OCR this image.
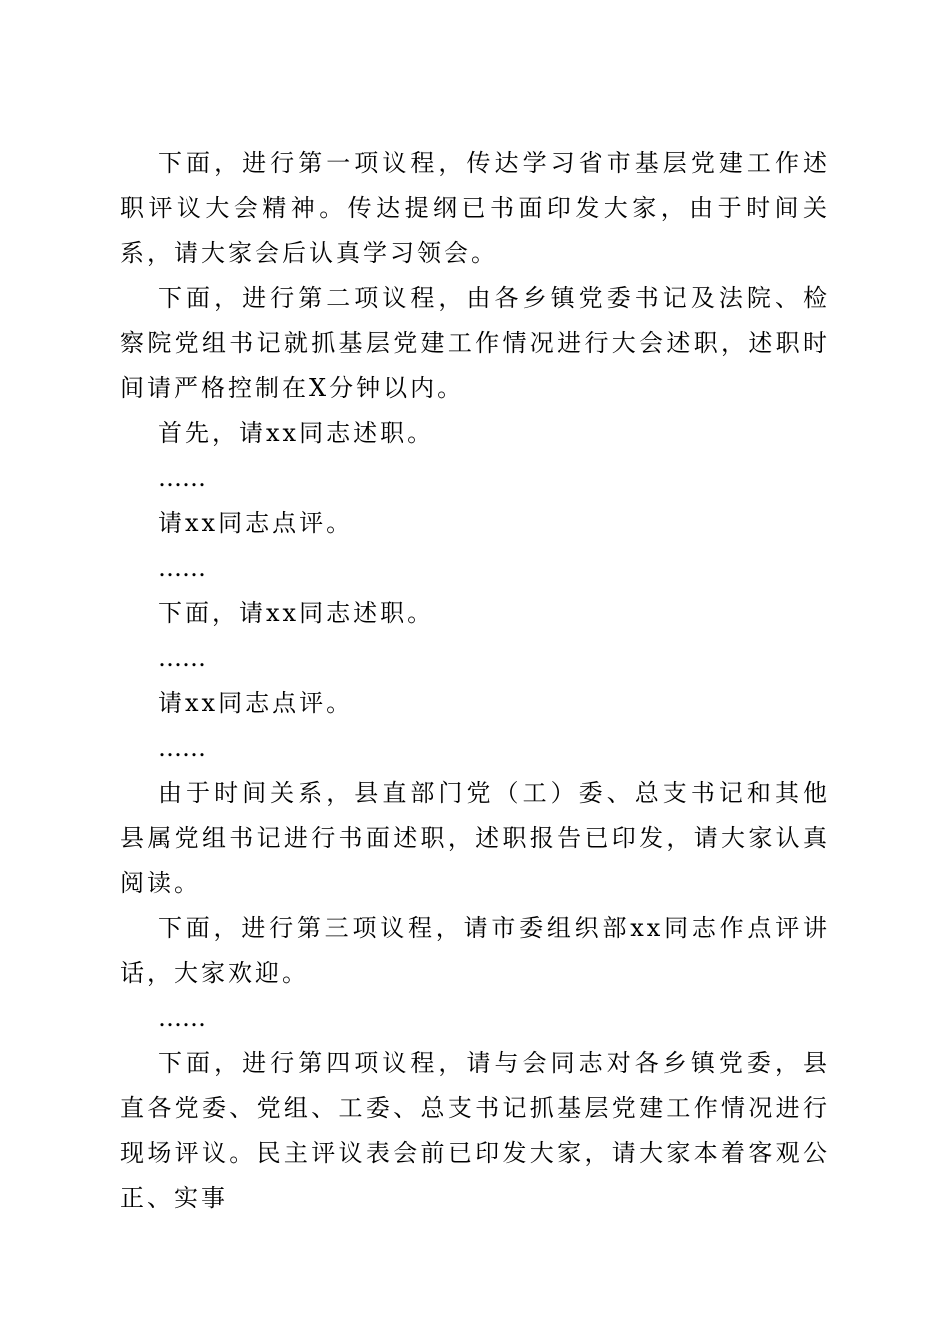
下面，进行第一项议程，传达学习省市基层党建工作述职评议大会精神。传达提纲已书面印发大家，由于时间关系，请大家会后认真学习领会。

下面，进行第二项议程，由各乡镇党委书记及法院、检察院党组书记就抓基层党建工作情况进行大会述职，述职时间请严格控制在X分钟以内。

首先，请xx同志述职。

……

请xx同志点评。

……

下面，请xx同志述职。

……

请xx同志点评。

……

由于时间关系，县直部门党（工）委、总支书记和其他县属党组书记进行书面述职，述职报告已印发，请大家认真阅读。

下面，进行第三项议程，请市委组织部xx同志作点评讲话，大家欢迎。

……

下面，进行第四项议程，请与会同志对各乡镇党委，县直各党委、党组、工委、总支书记抓基层党建工作情况进行现场评议。民主评议表会前已印发大家，请大家本着客观公正、实事
